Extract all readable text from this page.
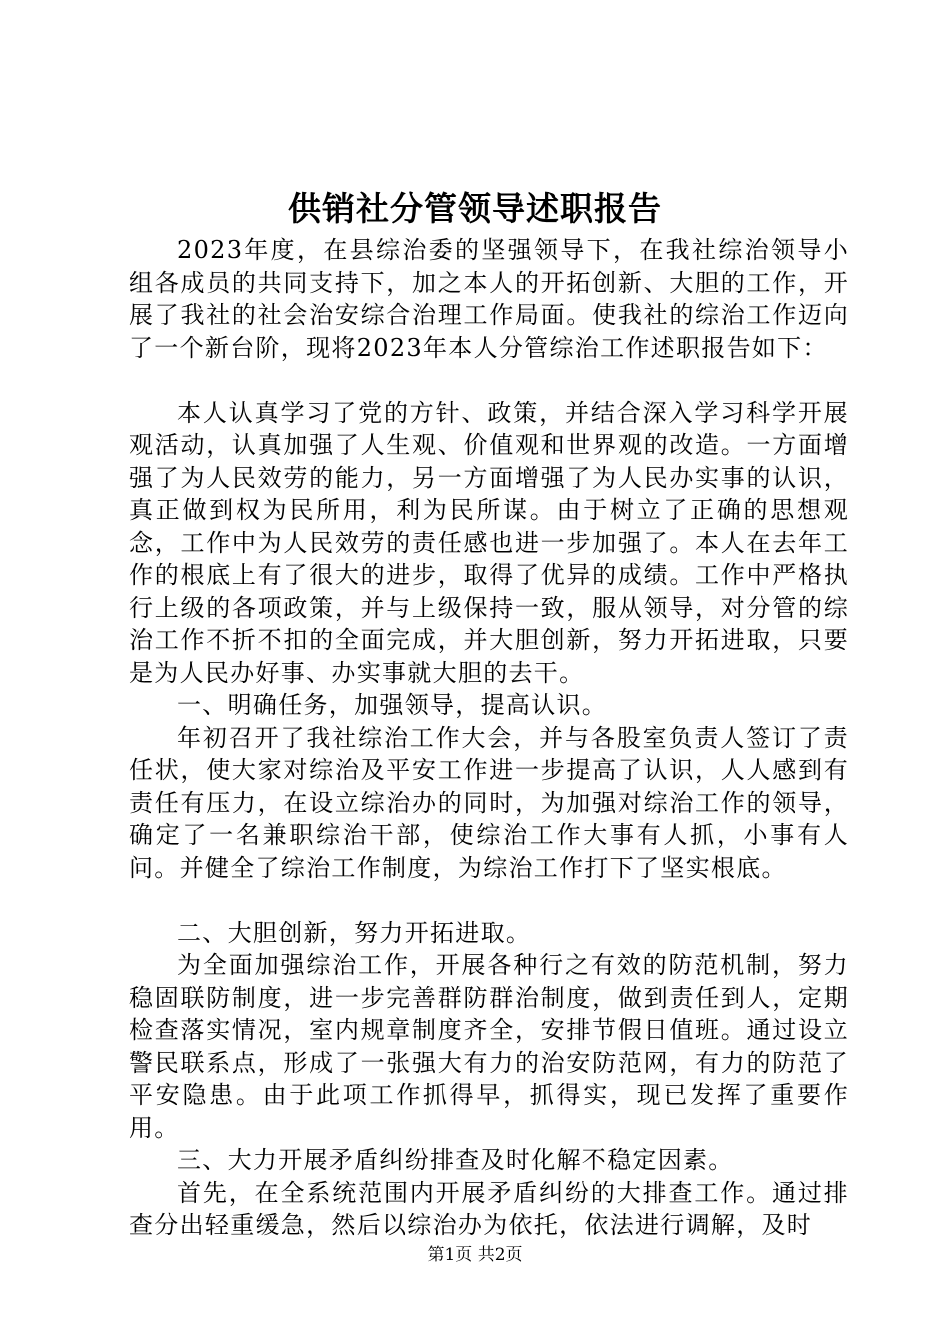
供销社分管领导述职报告

2023年度，在县综治委的坚强领导下，在我社综治领导小组各成员的共同支持下，加之本人的开拓创新、大胆的工作，开展了我社的社会治安综合治理工作局面。使我社的综治工作迈向了一个新台阶，现将2023年本人分管综治工作述职报告如下：

本人认真学习了党的方针、政策，并结合深入学习科学开展观活动，认真加强了人生观、价值观和世界观的改造。一方面增强了为人民效劳的能力，另一方面增强了为人民办实事的认识，真正做到权为民所用，利为民所谋。由于树立了正确的思想观念，工作中为人民效劳的责任感也进一步加强了。本人在去年工作的根底上有了很大的进步，取得了优异的成绩。工作中严格执行上级的各项政策，并与上级保持一致，服从领导，对分管的综治工作不折不扣的全面完成，并大胆创新，努力开拓进取，只要是为人民办好事、办实事就大胆的去干。

一、明确任务，加强领导，提高认识。

年初召开了我社综治工作大会，并与各股室负责人签订了责任状，使大家对综治及平安工作进一步提高了认识，人人感到有责任有压力，在设立综治办的同时，为加强对综治工作的领导，确定了一名兼职综治干部，使综治工作大事有人抓，小事有人问。并健全了综治工作制度，为综治工作打下了坚实根底。

二、大胆创新，努力开拓进取。

为全面加强综治工作，开展各种行之有效的防范机制，努力稳固联防制度，进一步完善群防群治制度，做到责任到人，定期检查落实情况，室内规章制度齐全，安排节假日值班。通过设立警民联系点，形成了一张强大有力的治安防范网，有力的防范了平安隐患。由于此项工作抓得早，抓得实，现已发挥了重要作用。

三、大力开展矛盾纠纷排查及时化解不稳定因素。

首先，在全系统范围内开展矛盾纠纷的大排查工作。通过排查分出轻重缓急，然后以综治办为依托，依法进行调解，及时

第1页 共2页
